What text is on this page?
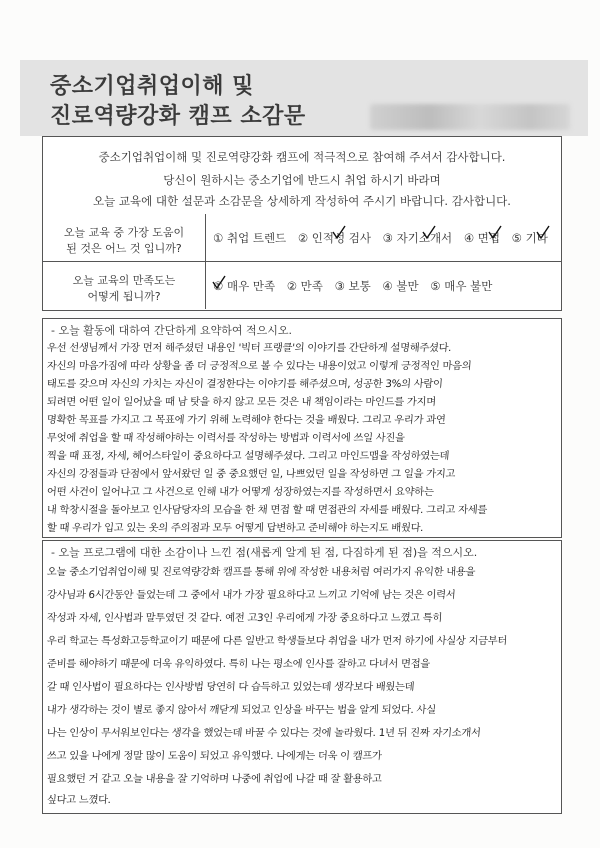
중소기업취업이해 및
진로역량강화 캠프 소감문
중소기업취업이해 및 진로역량강화 캠프에 적극적으로 참여해 주셔서 감사합니다.
당신이 원하시는 중소기업에 반드시 취업 하시기 바라며
오늘 교육에 대한 설문과 소감문을 상세하게 작성하여 주시기 바랍니다. 감사합니다.
오늘 교육 중 가장 도움이
된 것은 어느 것 입니까?
① 취업 트렌드 ② 인적성 검사 ③ 자기소개서 ④ 면접 ⑤ 기타
오늘 교육의 만족도는
어떻게 됩니까?
① 매우 만족 ② 만족 ③ 보통 ④ 불만 ⑤ 매우 불만
- 오늘 활동에 대하여 간단하게 요약하여 적으시오.
우선 선생님께서 가장 먼저 해주셨던 내용인 '빅터 프랭클'의 이야기를 간단하게 설명해주셨다.
자신의 마음가짐에 따라 상황을 좀 더 긍정적으로 볼 수 있다는 내용이었고 이렇게 긍정적인 마음의
태도를 갖으며 자신의 가치는 자신이 결정한다는 이야기를 해주셨으며, 성공한 3%의 사람이
되려면 어떤 일이 일어났을 때 남 탓을 하지 않고 모든 것은 내 책임이라는 마인드를 가지며
명확한 목표를 가지고 그 목표에 가기 위해 노력해야 한다는 것을 배웠다. 그리고 우리가 과연
무엇에 취업을 할 때 작성해야하는 이력서를 작성하는 방법과 이력서에 쓰일 사진을
찍을 때 표정, 자세, 헤어스타일이 중요하다고 설명해주셨다. 그리고 마인드맵을 작성하였는데
자신의 강점들과 단점에서 앞서왔던 일 중 중요했던 일, 나쁘었던 일을 작성하면 그 일을 가지고
어떤 사건이 일어나고 그 사건으로 인해 내가 어떻게 성장하였는지를 작성하면서 요약하는
내 학창시절을 돌아보고 인사담당자의 모습을 한 채 면접 할 때 면접관의 자세를 배웠다. 그리고 자세를
할 때 우리가 입고 있는 옷의 주의점과 모두 어떻게 답변하고 준비해야 하는지도 배웠다.
- 오늘 프로그램에 대한 소감이나 느낀 점(새롭게 알게 된 점, 다짐하게 된 점)을 적으시오.
오늘 중소기업취업이해 및 진로역량강화 캠프를 통해 위에 작성한 내용처럼 여러가지 유익한 내용을
강사님과 6시간동안 들었는데 그 중에서 내가 가장 필요하다고 느끼고 기억에 남는 것은 이력서
작성과 자세, 인사법과 말투였던 것 같다. 예전 고3인 우리에게 가장 중요하다고 느꼈고 특히
우리 학교는 특성화고등학교이기 때문에 다른 일반고 학생들보다 취업을 내가 먼저 하기에 사실상 지금부터
준비를 해야하기 때문에 더욱 유익하였다. 특히 나는 평소에 인사를 잘하고 다녀서 면접을
갈 때 인사법이 필요하다는 인사방법 당연히 다 습득하고 있었는데 생각보다 배웠는데
내가 생각하는 것이 별로 좋지 않아서 깨닫게 되었고 인상을 바꾸는 법을 알게 되었다. 사실
나는 인상이 무서워보인다는 생각을 했었는데 바꿀 수 있다는 것에 놀라웠다. 1년 뒤 진짜 자기소개서
쓰고 있을 나에게 정말 많이 도움이 되었고 유익했다. 나에게는 더욱 이 캠프가
필요했던 거 같고 오늘 내용을 잘 기억하며 나중에 취업에 나갈 때 잘 활용하고
싶다고 느꼈다.
